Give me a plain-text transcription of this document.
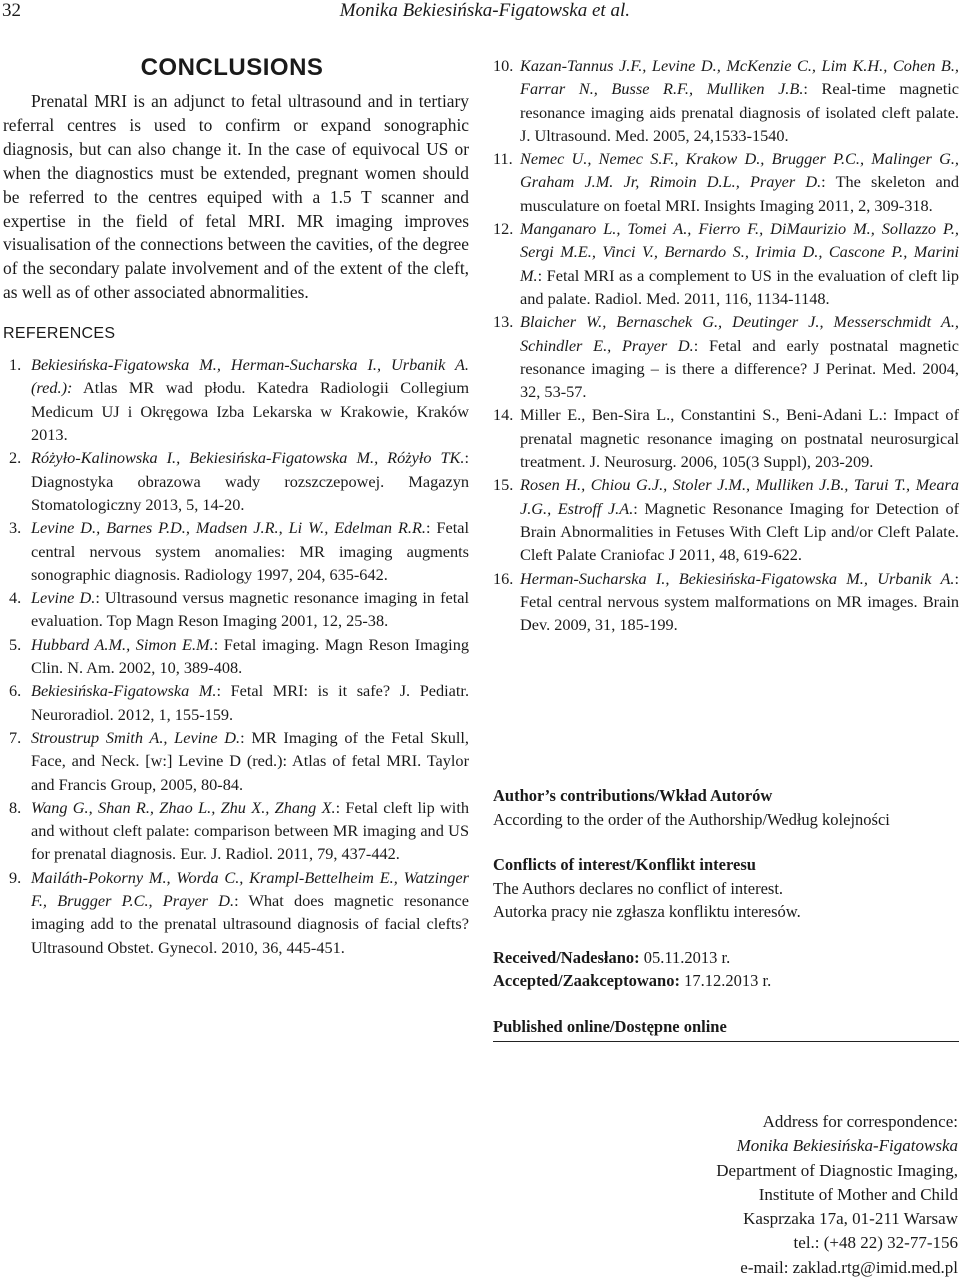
32	Monika Bekiesińska-Figatowska et al.
CONCLUSIONS

Prenatal MRI is an adjunct to fetal ultrasound and in tertiary referral centres is used to confirm or expand sonographic diagnosis, but can also change it. In the case of equivocal US or when the diagnostics must be extended, pregnant women should be referred to the centres equiped with a 1.5 T scanner and expertise in the field of fetal MRI. MR imaging improves visualisation of the connections between the cavities, of the degree of the secondary palate involvement and of the extent of the cleft, as well as of other associated abnormalities.

REFERENCES
1. Bekiesińska-Figatowska M., Herman-Sucharska I., Urbanik A. (red.): Atlas MR wad płodu. Katedra Radiologii Collegium Medicum UJ i Okręgowa Izba Lekarska w Krakowie, Kraków 2013.
2. Różyło-Kalinowska I., Bekiesińska-Figatowska M., Różyło TK.: Diagnostyka obrazowa wady rozszczepowej. Magazyn Stomatologiczny 2013, 5, 14-20.
3. Levine D., Barnes P.D., Madsen J.R., Li W., Edelman R.R.: Fetal central nervous system anomalies: MR imaging augments sonographic diagnosis. Radiology 1997, 204, 635-642.
4. Levine D.: Ultrasound versus magnetic resonance imaging in fetal evaluation. Top Magn Reson Imaging 2001, 12, 25-38.
5. Hubbard A.M., Simon E.M.: Fetal imaging. Magn Reson Imaging Clin. N. Am. 2002, 10, 389-408.
6. Bekiesińska-Figatowska M.: Fetal MRI: is it safe? J. Pediatr. Neuroradiol. 2012, 1, 155-159.
7. Stroustrup Smith A., Levine D.: MR Imaging of the Fetal Skull, Face, and Neck. [w:] Levine D (red.): Atlas of fetal MRI. Taylor and Francis Group, 2005, 80-84.
8. Wang G., Shan R., Zhao L., Zhu X., Zhang X.: Fetal cleft lip with and without cleft palate: comparison between MR imaging and US for prenatal diagnosis. Eur. J. Radiol. 2011, 79, 437-442.
9. Mailáth-Pokorny M., Worda C., Krampl-Bettelheim E., Watzinger F., Brugger P.C., Prayer D.: What does magnetic resonance imaging add to the prenatal ultrasound diagnosis of facial clefts? Ultrasound Obstet. Gynecol. 2010, 36, 445-451.
10. Kazan-Tannus J.F., Levine D., McKenzie C., Lim K.H., Cohen B., Farrar N., Busse R.F., Mulliken J.B.: Real-time magnetic resonance imaging aids prenatal diagnosis of isolated cleft palate. J. Ultrasound. Med. 2005, 24,1533-1540.
11. Nemec U., Nemec S.F., Krakow D., Brugger P.C., Malinger G., Graham J.M. Jr, Rimoin D.L., Prayer D.: The skeleton and musculature on foetal MRI. Insights Imaging 2011, 2, 309-318.
12. Manganaro L., Tomei A., Fierro F., DiMaurizio M., Sollazzo P., Sergi M.E., Vinci V., Bernardo S., Irimia D., Cascone P., Marini M.: Fetal MRI as a complement to US in the evaluation of cleft lip and palate. Radiol. Med. 2011, 116, 1134-1148.
13. Blaicher W., Bernaschek G., Deutinger J., Messerschmidt A., Schindler E., Prayer D.: Fetal and early postnatal magnetic resonance imaging – is there a difference? J Perinat. Med. 2004, 32, 53-57.
14. Miller E., Ben-Sira L., Constantini S., Beni-Adani L.: Impact of prenatal magnetic resonance imaging on postnatal neurosurgical treatment. J. Neurosurg. 2006, 105(3 Suppl), 203-209.
15. Rosen H., Chiou G.J., Stoler J.M., Mulliken J.B., Tarui T., Meara J.G., Estroff J.A.: Magnetic Resonance Imaging for Detection of Brain Abnormalities in Fetuses With Cleft Lip and/or Cleft Palate. Cleft Palate Craniofac J 2011, 48, 619-622.
16. Herman-Sucharska I., Bekiesińska-Figatowska M., Urbanik A.: Fetal central nervous system malformations on MR images. Brain Dev. 2009, 31, 185-199.
Author’s contributions/Wkład Autorów
According to the order of the Authorship/Według kolejności
Conflicts of interest/Konflikt interesu
The Authors declares no conflict of interest.
Autorka pracy nie zgłasza konfliktu interesów.
Received/Nadesłano: 05.11.2013 r.
Accepted/Zaakceptowano: 17.12.2013 r.
Published online/Dostępne online
Address for correspondence:
Monika Bekiesińska-Figatowska
Department of Diagnostic Imaging,
Institute of Mother and Child
Kasprzaka 17a, 01-211 Warsaw
tel.: (+48 22) 32-77-156
e-mail: zaklad.rtg@imid.med.pl
